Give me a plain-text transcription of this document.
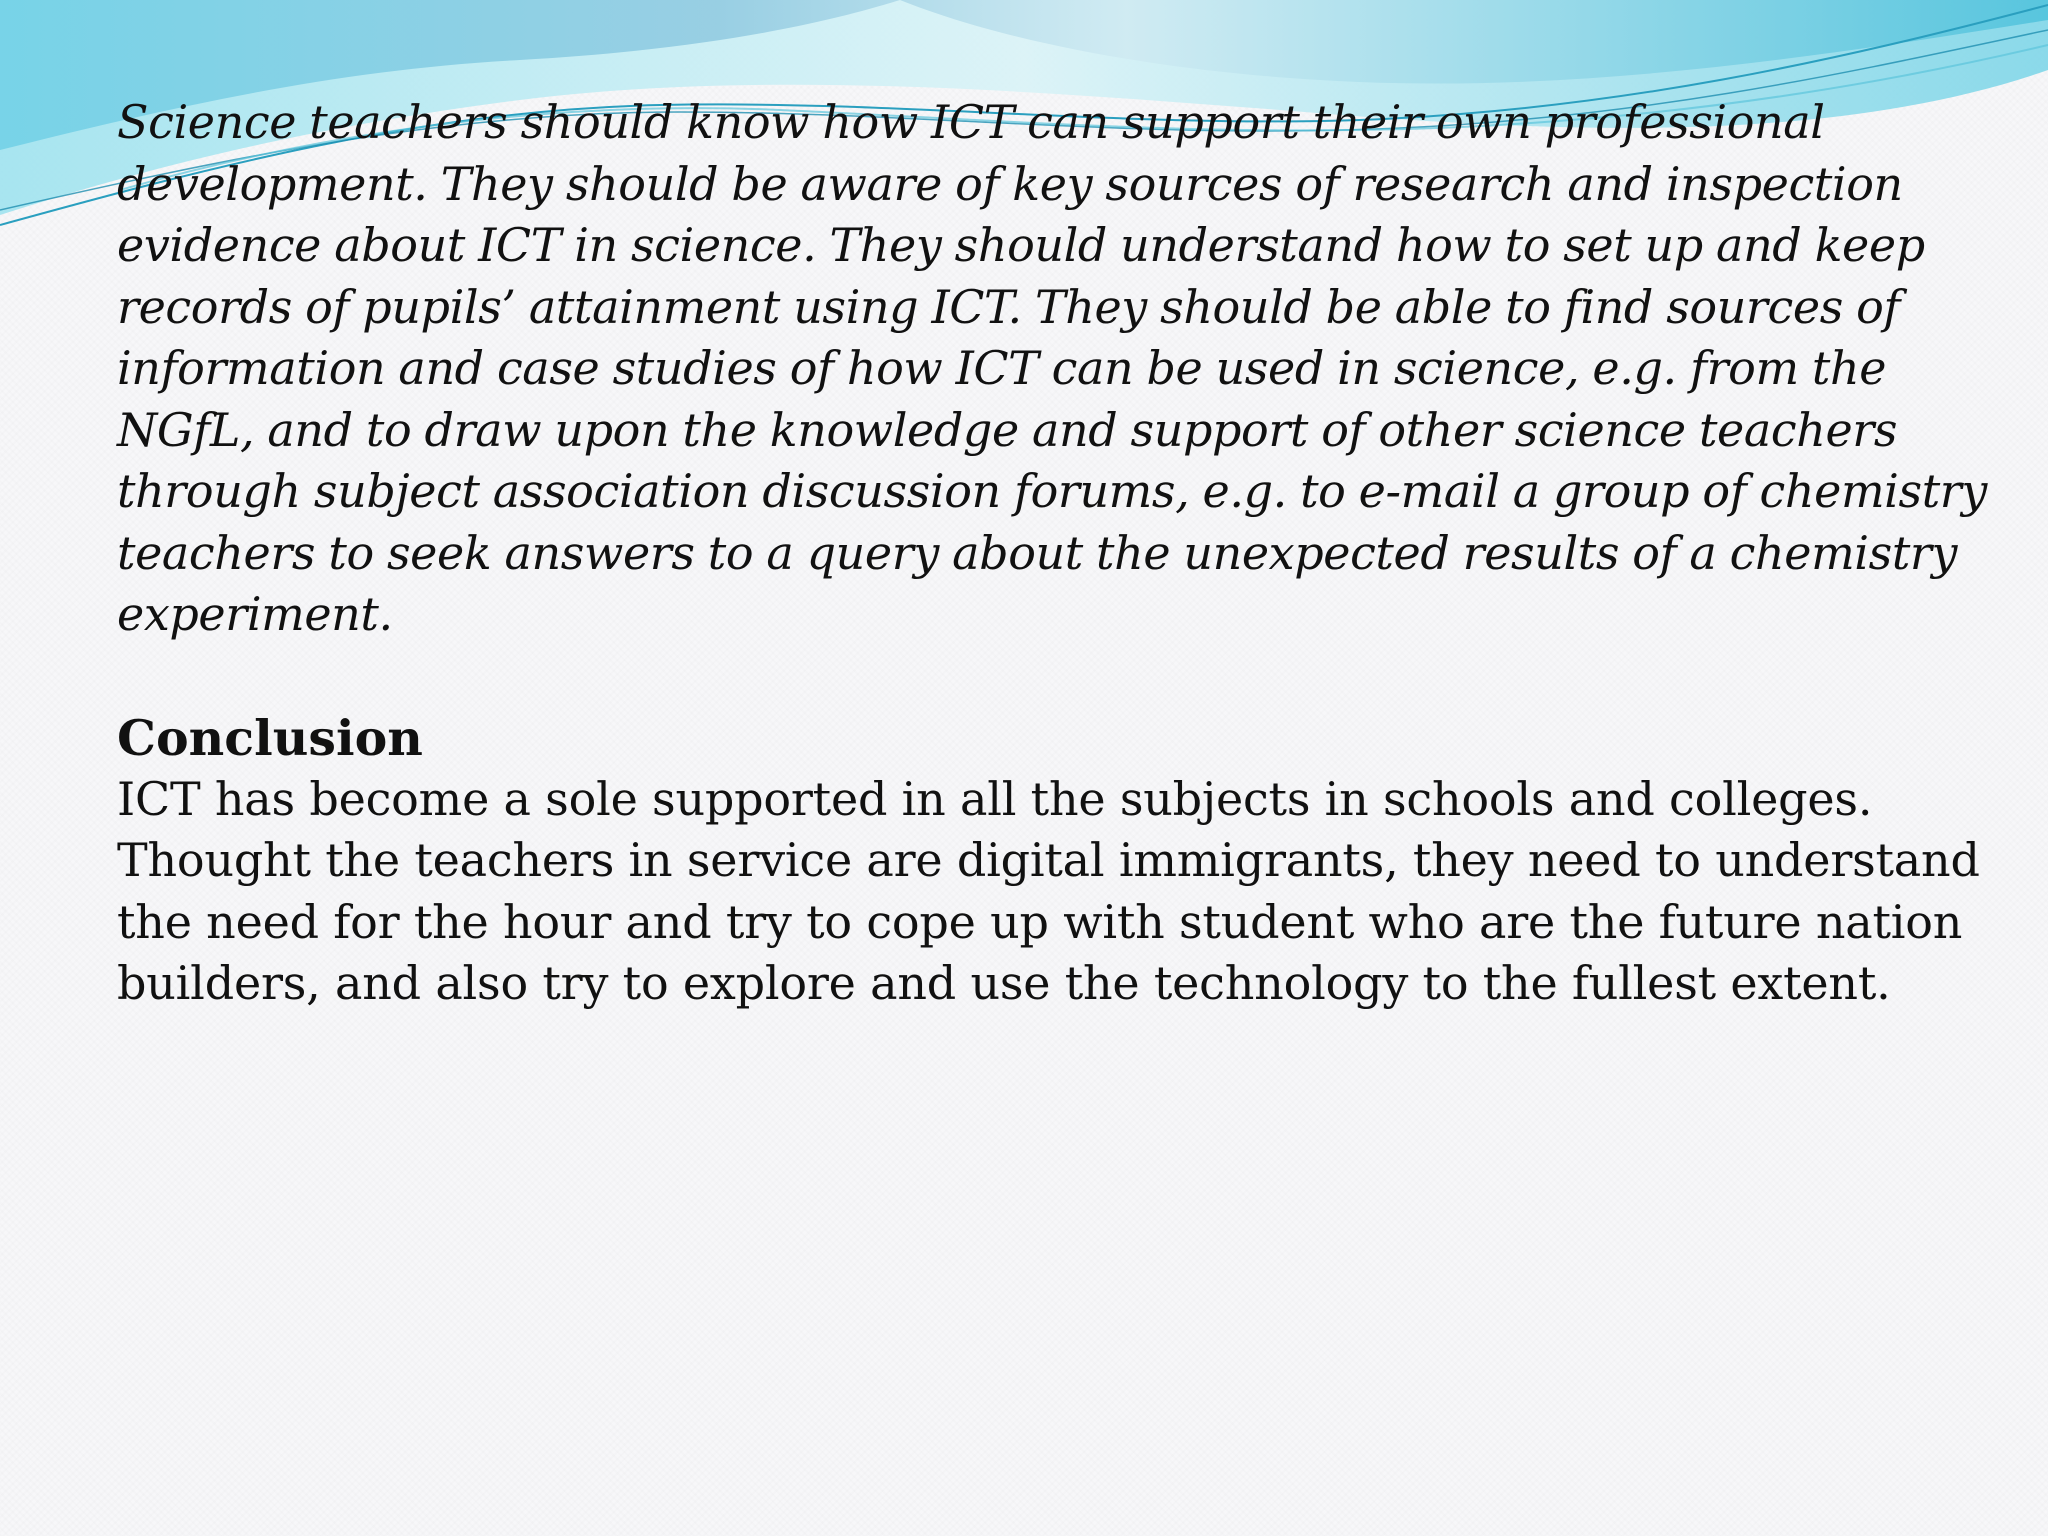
Science teachers should know how ICT can support their own professional
development. They should be aware of key sources of research and inspection
evidence about ICT in science. They should understand how to set up and keep
records of pupils’ attainment using ICT. They should be able to find sources of
information and case studies of how ICT can be used in science, e.g. from the
NGfL, and to draw upon the knowledge and support of other science teachers
through subject association discussion forums, e.g. to e-mail a group of chemistry
teachers to seek answers to a query about the unexpected results of a chemistry
experiment.

Conclusion

ICT has become a sole supported in all the subjects in schools and colleges.
Thought the teachers in service are digital immigrants, they need to understand
the need for the hour and try to cope up with student who are the future nation
builders, and also try to explore and use the technology to the fullest extent.
